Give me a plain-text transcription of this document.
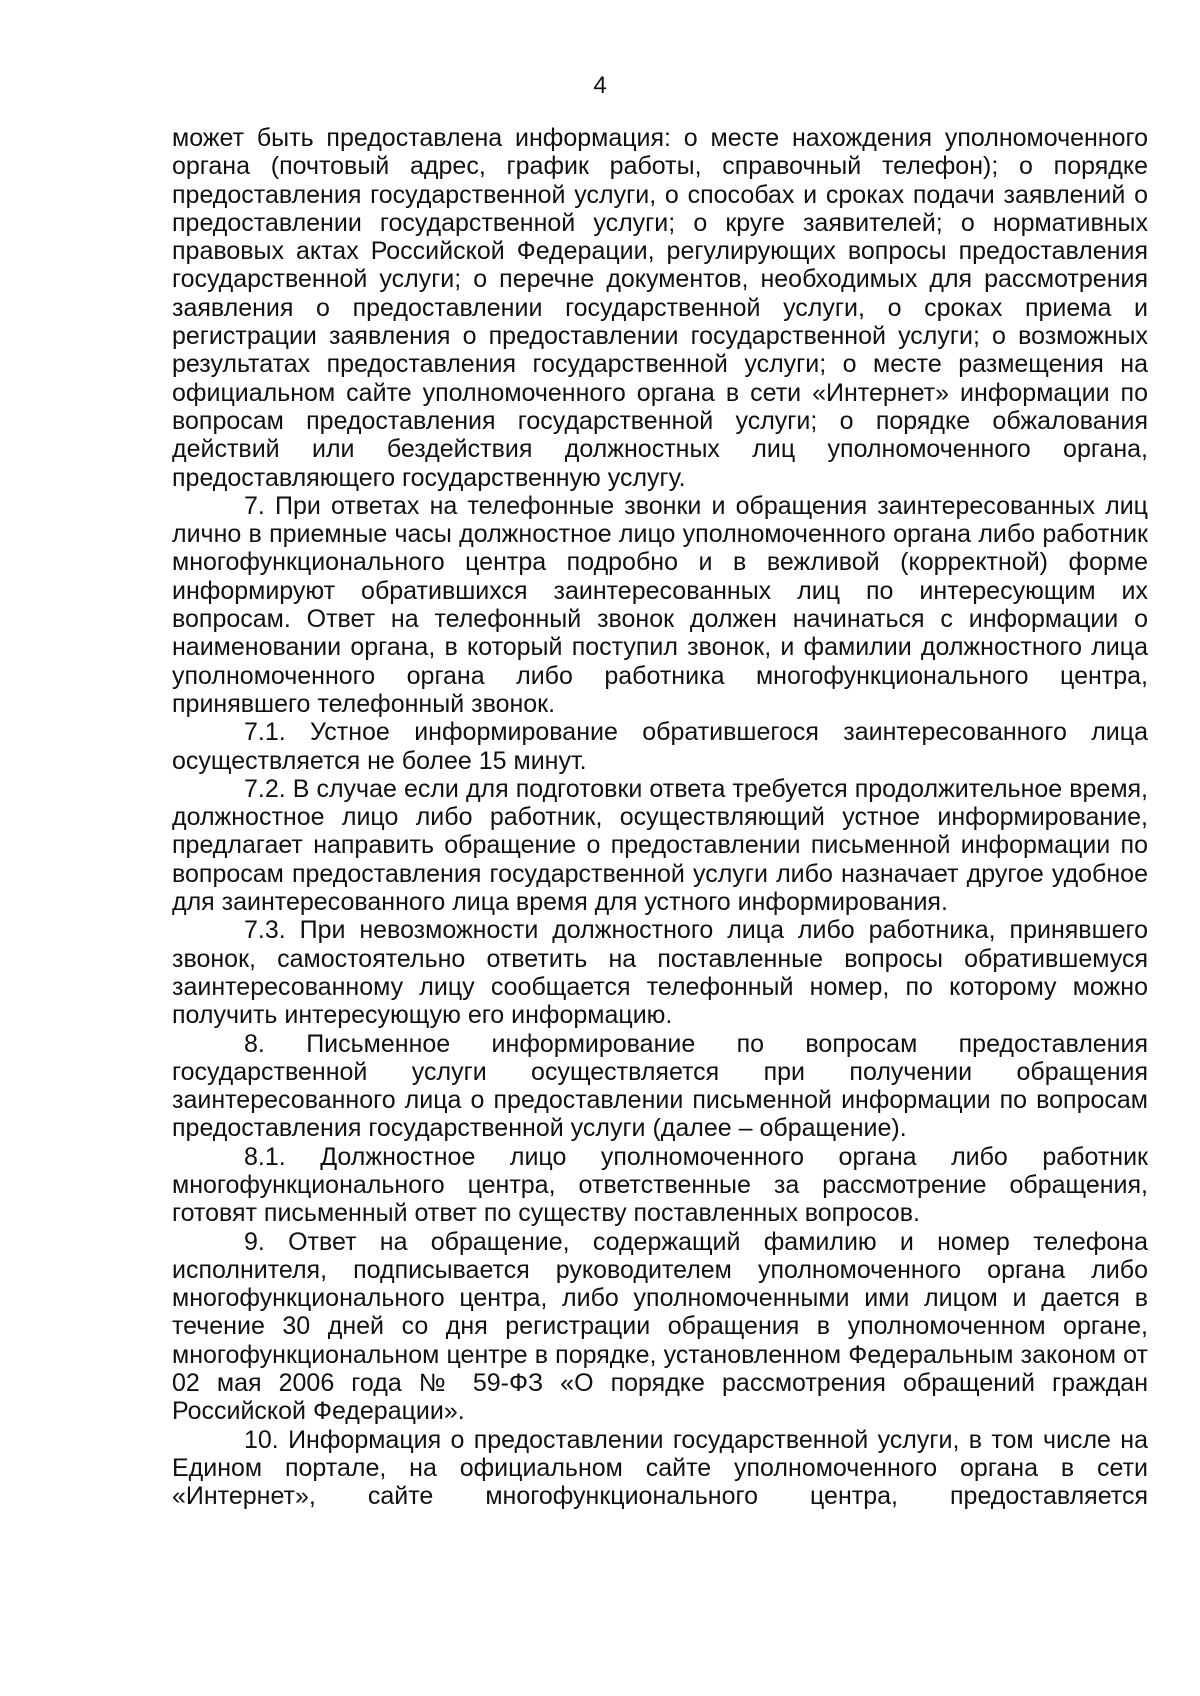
4

может быть предоставлена информация: о месте нахождения уполномоченного органа (почтовый адрес, график работы, справочный телефон); о порядке предоставления государственной услуги, о способах и сроках подачи заявлений о предоставлении государственной услуги; о круге заявителей; о нормативных правовых актах Российской Федерации, регулирующих вопросы предоставления государственной услуги; о перечне документов, необходимых для рассмотрения заявления о предоставлении государственной услуги, о сроках приема и регистрации заявления о предоставлении государственной услуги; о возможных результатах предоставления государственной услуги; о месте размещения на официальном сайте уполномоченного органа в сети «Интернет» информации по вопросам предоставления государственной услуги; о порядке обжалования действий или бездействия должностных лиц уполномоченного органа, предоставляющего государственную услугу.

7. При ответах на телефонные звонки и обращения заинтересованных лиц лично в приемные часы должностное лицо уполномоченного органа либо работник многофункционального центра подробно и в вежливой (корректной) форме информируют обратившихся заинтересованных лиц по интересующим их вопросам. Ответ на телефонный звонок должен начинаться с информации о наименовании органа, в который поступил звонок, и фамилии должностного лица уполномоченного органа либо работника многофункционального центра, принявшего телефонный звонок.

7.1. Устное информирование обратившегося заинтересованного лица осуществляется не более 15 минут.

7.2. В случае если для подготовки ответа требуется продолжительное время, должностное лицо либо работник, осуществляющий устное информирование, предлагает направить обращение о предоставлении письменной информации по вопросам предоставления государственной услуги либо назначает другое удобное для заинтересованного лица время для устного информирования.

7.3. При невозможности должностного лица либо работника, принявшего звонок, самостоятельно ответить на поставленные вопросы обратившемуся заинтересованному лицу сообщается телефонный номер, по которому можно получить интересующую его информацию.

8. Письменное информирование по вопросам предоставления государственной услуги осуществляется при получении обращения заинтересованного лица о предоставлении письменной информации по вопросам предоставления государственной услуги (далее – обращение).

8.1. Должностное лицо уполномоченного органа либо работник многофункционального центра, ответственные за рассмотрение обращения, готовят письменный ответ по существу поставленных вопросов.

9. Ответ на обращение, содержащий фамилию и номер телефона исполнителя, подписывается руководителем уполномоченного органа либо многофункционального центра, либо уполномоченными ими лицом и дается в течение 30 дней со дня регистрации обращения в уполномоченном органе, многофункциональном центре в порядке, установленном Федеральным законом от 02 мая 2006 года № 59-ФЗ «О порядке рассмотрения обращений граждан Российской Федерации».

10. Информация о предоставлении государственной услуги, в том числе на Едином портале, на официальном сайте уполномоченного органа в сети «Интернет», сайте многофункционального центра, предоставляется
